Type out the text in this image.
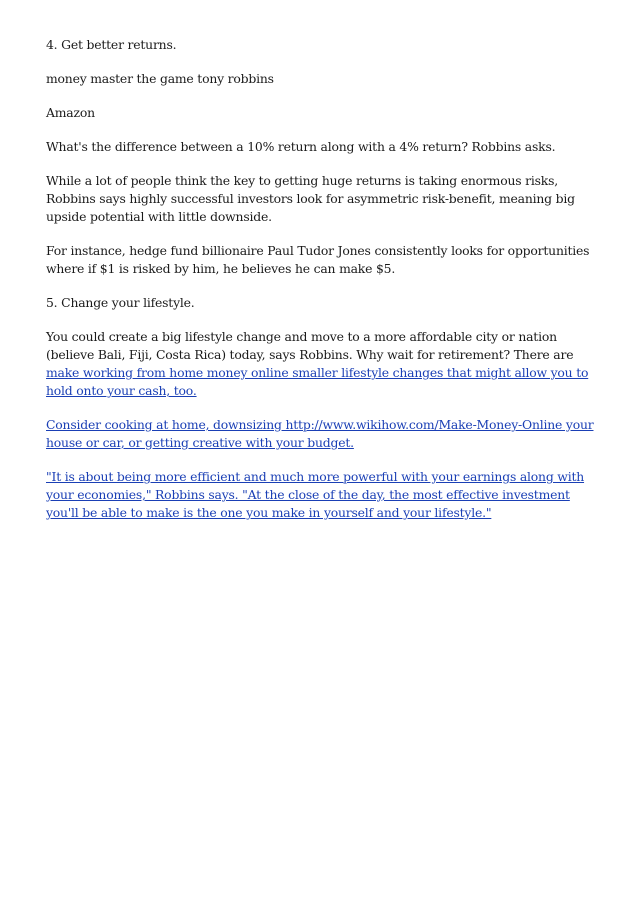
4. Get better returns.

money master the game tony robbins

Amazon

What's the difference between a 10% return along with a 4% return? Robbins asks.

While a lot of people think the key to getting huge returns is taking enormous risks, Robbins says highly successful investors look for asymmetric risk-benefit, meaning big upside potential with little downside.

For instance, hedge fund billionaire Paul Tudor Jones consistently looks for opportunities where if $1 is risked by him, he believes he can make $5.

5. Change your lifestyle.

You could create a big lifestyle change and move to a more affordable city or nation (believe Bali, Fiji, Costa Rica) today, says Robbins. Why wait for retirement? There are make working from home money online smaller lifestyle changes that might allow you to hold onto your cash, too.

Consider cooking at home, downsizing http://www.wikihow.com/Make-Money-Online your house or car, or getting creative with your budget.

"It is about being more efficient and much more powerful with your earnings along with your economies," Robbins says. "At the close of the day, the most effective investment you'll be able to make is the one you make in yourself and your lifestyle."
